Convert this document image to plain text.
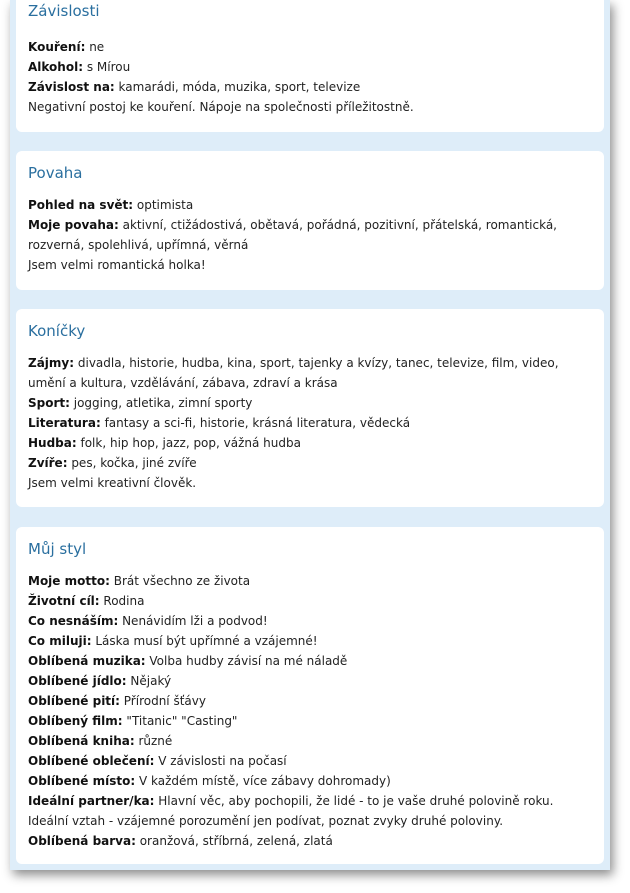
Závislosti

Kouření: ne

Alkohol: s Mírou

Závislost na: kamarádi, móda, muzika, sport, televize

Negativní postoj ke kouření. Nápoje na společnosti příležitostně.

Povaha

Pohled na svět: optimista

Moje povaha: aktivní, ctižádostivá, obětavá, pořádná, pozitivní, přátelská, romantická, rozverná, spolehlivá, upřímná, věrná

Jsem velmi romantická holka!

Koníčky

Zájmy: divadla, historie, hudba, kina, sport, tajenky a kvízy, tanec, televize, film, video, umění a kultura, vzdělávání, zábava, zdraví a krása

Sport: jogging, atletika, zimní sporty

Literatura: fantasy a sci-fi, historie, krásná literatura, vědecká

Hudba: folk, hip hop, jazz, pop, vážná hudba

Zvíře: pes, kočka, jiné zvíře

Jsem velmi kreativní člověk.

Můj styl

Moje motto: Brát všechno ze života

Životní cíl: Rodina

Co nesnáším: Nenávidím lži a podvod!

Co miluji: Láska musí být upřímné a vzájemné!

Oblíbená muzika: Volba hudby závisí na mé náladě

Oblíbené jídlo: Nějaký

Oblíbené pití: Přírodní šťávy

Oblíbený film: "Titanic" "Casting"

Oblíbená kniha: různé

Oblíbené oblečení: V závislosti na počasí

Oblíbené místo: V každém místě, více zábavy dohromady)

Ideální partner/ka: Hlavní věc, aby pochopili, že lidé - to je vaše druhé polovině roku. Ideální vztah - vzájemné porozumění jen podívat, poznat zvyky druhé poloviny.

Oblíbená barva: oranžová, stříbrná, zelená, zlatá
